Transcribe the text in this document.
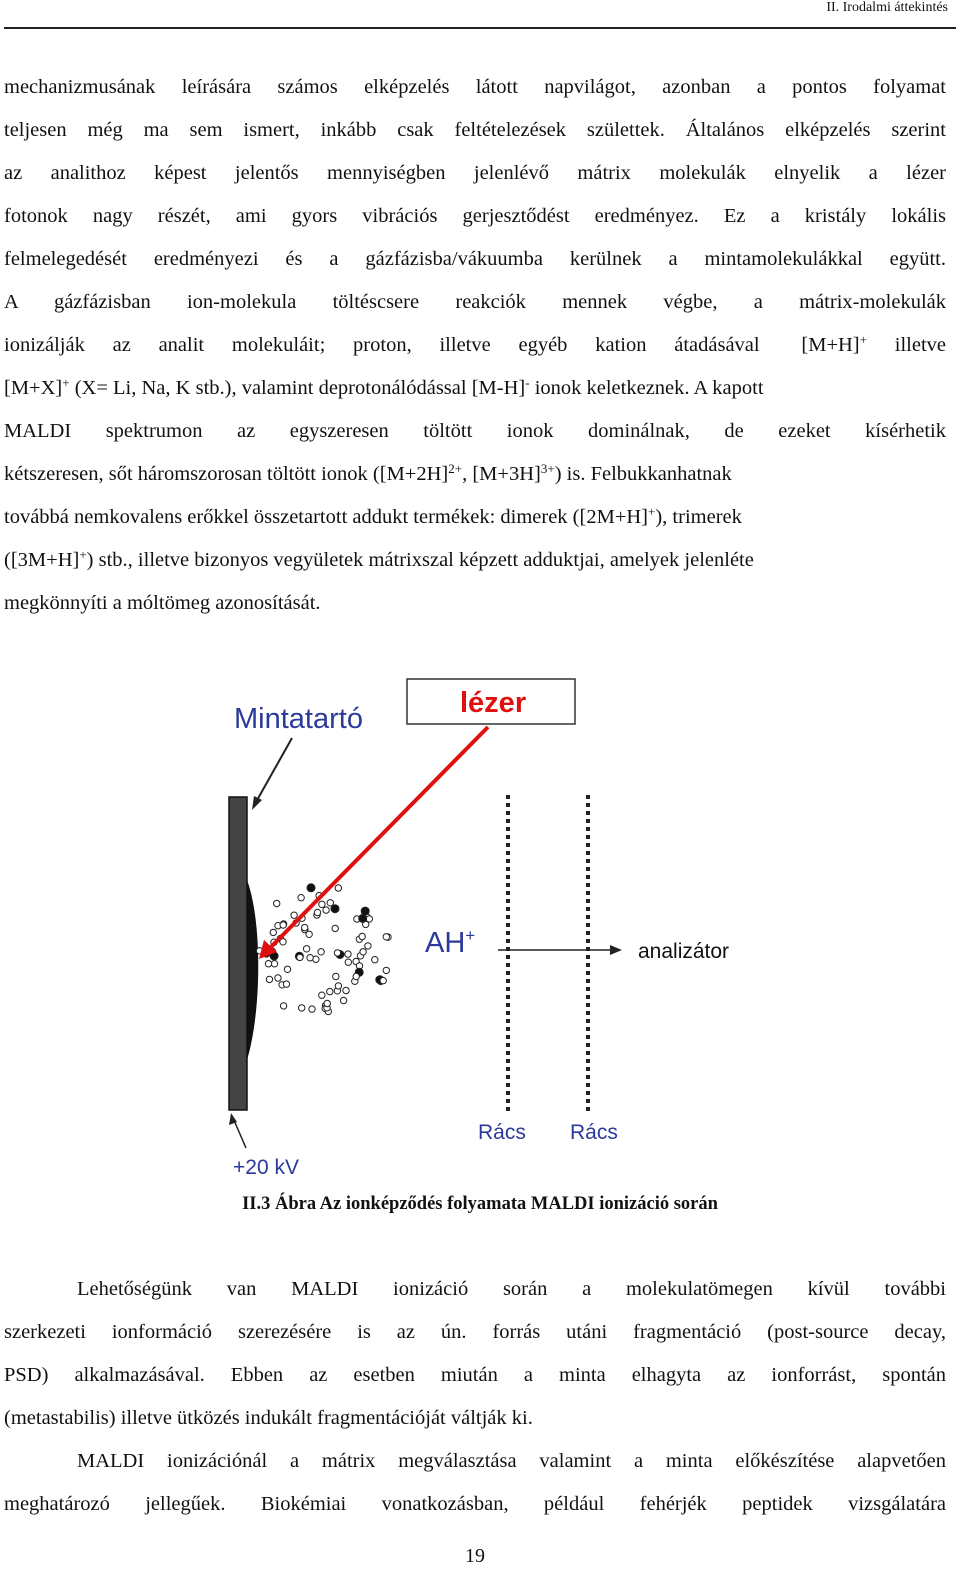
II. Irodalmi áttekintés
mechanizmusának leírására számos elképzelés látott napvilágot, azonban a pontos folyamat
teljesen még ma sem ismert, inkább csak feltételezések születtek. Általános elképzelés szerint
az analithoz képest jelentős mennyiségben jelenlévő mátrix molekulák elnyelik a lézer
fotonok nagy részét, ami gyors vibrációs gerjesztődést eredményez. Ez a kristály lokális
felmelegedését eredményezi és a gázfázisba/vákuumba kerülnek a mintamolekulákkal együtt.
A gázfázisban ion-molekula töltéscsere reakciók mennek végbe, a mátrix-molekulák
ionizálják az analit molekuláit; proton, illetve egyéb kation átadásával [M+H]+ illetve
[M+X]+ (X= Li, Na, K stb.), valamint deprotonálódással [M-H]- ionok keletkeznek. A kapott
MALDI spektrumon az egyszeresen töltött ionok dominálnak, de ezeket kísérhetik
kétszeresen, sőt háromszorosan töltött ionok ($[M+2H]^{2+}$, $[M+3H]^{3+}$) is. Felbukkanhatnak
továbbá nemkovalens erőkkel összetartott addukt termékek: dimerek ([2M+H]+), trimerek
([3M+H]+) stb., illetve bizonyos vegyületek mátrixszal képzett adduktjai, amelyek jelenléte
megkönnyíti a móltömeg azonosítását.
Mintatartó	lézer
AH+
analizátor
Rács Rács
+20 kV
II.3 Ábra Az ionképződés folyamata MALDI ionizáció során
Lehetőségünk van MALDI ionizáció során a molekulatömegen kívül további
szerkezeti ionformáció szerezésére is az ún. forrás utáni fragmentáció (post-source decay,
PSD) alkalmazásával. Ebben az esetben miután a minta elhagyta az ionforrást, spontán
(metastabilis) illetve ütközés indukált fragmentációját váltják ki.
MALDI ionizációnál a mátrix megválasztása valamint a minta előkészítése alapvetően
meghatározó jellegűek. Biokémiai vonatkozásban, például fehérjék peptidek vizsgálatára
19
